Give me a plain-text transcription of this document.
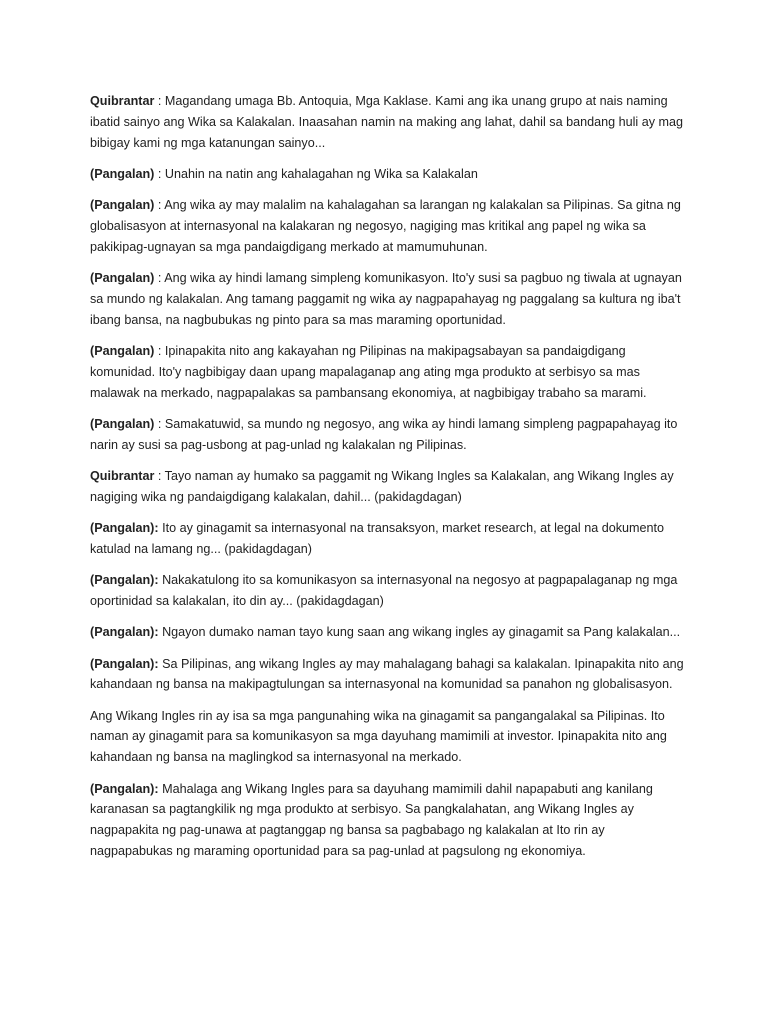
Quibrantar : Magandang umaga Bb. Antoquia, Mga Kaklase. Kami ang ika unang grupo at nais naming ibatid sainyo ang Wika sa Kalakalan. Inaasahan namin na making ang lahat, dahil sa bandang huli ay mag bibigay kami ng mga katanungan sainyo...

(Pangalan) : Unahin na natin ang kahalagahan ng Wika sa Kalakalan

(Pangalan) : Ang wika ay may malalim na kahalagahan sa larangan ng kalakalan sa Pilipinas. Sa gitna ng globalisasyon at internasyonal na kalakaran ng negosyo, nagiging mas kritikal ang papel ng wika sa pakikipag-ugnayan sa mga pandaigdigang merkado at mamumuhunan.

(Pangalan) : Ang wika ay hindi lamang simpleng komunikasyon. Ito'y susi sa pagbuo ng tiwala at ugnayan sa mundo ng kalakalan. Ang tamang paggamit ng wika ay nagpapahayag ng paggalang sa kultura ng iba't ibang bansa, na nagbubukas ng pinto para sa mas maraming oportunidad.

(Pangalan) : Ipinapakita nito ang kakayahan ng Pilipinas na makipagsabayan sa pandaigdigang komunidad. Ito'y nagbibigay daan upang mapalaganap ang ating mga produkto at serbisyo sa mas malawak na merkado, nagpapalakas sa pambansang ekonomiya, at nagbibigay trabaho sa marami.

(Pangalan) : Samakatuwid, sa mundo ng negosyo, ang wika ay hindi lamang simpleng pagpapahayag ito narin ay susi sa pag-usbong at pag-unlad ng kalakalan ng Pilipinas.

Quibrantar : Tayo naman ay humako sa paggamit ng Wikang Ingles sa Kalakalan, ang Wikang Ingles ay nagiging wika ng pandaigdigang kalakalan, dahil... (pakidagdagan)

(Pangalan): Ito ay ginagamit sa internasyonal na transaksyon, market research, at legal na dokumento katulad na lamang ng... (pakidagdagan)

(Pangalan): Nakakatulong ito sa komunikasyon sa internasyonal na negosyo at pagpapalaganap ng mga oportinidad sa kalakalan, ito din ay... (pakidagdagan)

(Pangalan): Ngayon dumako naman tayo kung saan ang wikang ingles ay ginagamit sa Pang kalakalan...

(Pangalan): Sa Pilipinas, ang wikang Ingles ay may mahalagang bahagi sa kalakalan. Ipinapakita nito ang kahandaan ng bansa na makipagtulungan sa internasyonal na komunidad sa panahon ng globalisasyon.

Ang Wikang Ingles rin ay isa sa mga pangunahing wika na ginagamit sa pangangalakal sa Pilipinas. Ito naman ay ginagamit para sa komunikasyon sa mga dayuhang mamimili at investor. Ipinapakita nito ang kahandaan ng bansa na maglingkod sa internasyonal na merkado.

(Pangalan): Mahalaga ang Wikang Ingles para sa dayuhang mamimili dahil napapabuti ang kanilang karanasan sa pagtangkilik ng mga produkto at serbisyo. Sa pangkalahatan, ang Wikang Ingles ay nagpapakita ng pag-unawa at pagtanggap ng bansa sa pagbabago ng kalakalan at Ito rin ay nagpapabukas ng maraming oportunidad para sa pag-unlad at pagsulong ng ekonomiya.
